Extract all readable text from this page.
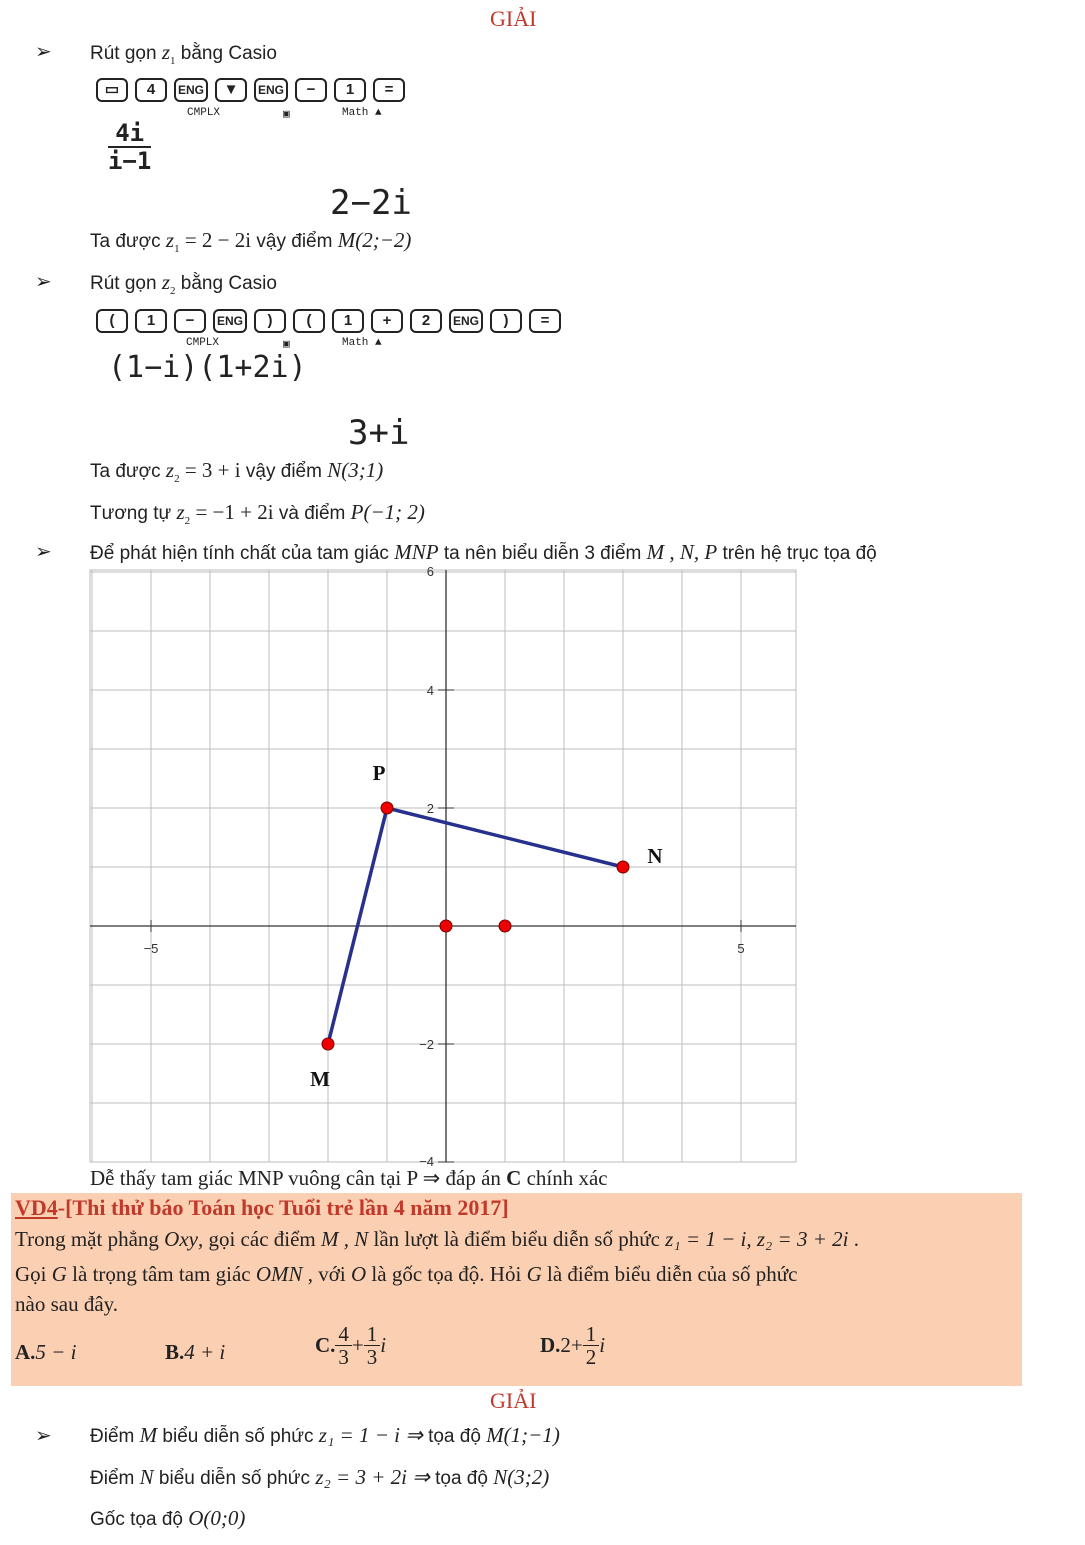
GIẢI
➢ Rút gọn $z_1$ bằng Casio
▭ 4 ENG ▼ ENG − 1 =
CMPLX	▣	Math ▲
4i
i−1
2−2i
Ta được $z_1 = 2 - 2i$ vậy điểm M(2;−2)
➢ Rút gọn $z_2$ bằng Casio
( 1 − ENG ) ( 1 + 2 ENG ) =
CMPLX	▣	Math ▲
(1−i)(1+2i)
3+i
Ta được $z_2 = 3 + i$ vậy điểm N(3;1)
Tương tự $z_2 = -1 + 2i$ và điểm P(−1; 2)
➢ Để phát hiện tính chất của tam giác MNP ta nên biểu diễn 3 điểm M , N, P trên hệ trục tọa độ
−5	5
4
2
−2
−4
6
M
N
P
Dễ thấy tam giác MNP vuông cân tại P ⇒ đáp án C chính xác
VD4-[Thi thử báo Toán học Tuổi trẻ lần 4 năm 2017]
Trong mặt phẳng Oxy, gọi các điểm M , N lần lượt là điểm biểu diễn số phức z₁ = 1 − i, z₂ = 3 + 2i .
Gọi G là trọng tâm tam giác OMN , với O là gốc tọa độ. Hỏi G là điểm biểu diễn của số phức
nào sau đây.
A.5 − i	B.4 + i	C. $\frac{4}{3} + \frac{1}{3}$ i	$D.2+ \frac{1}{2}$ i
GIẢI
➢ Điểm M biểu diễn số phức z₁ = 1 − i ⇒ tọa độ M(1;−1)
Điểm N biểu diễn số phức z₂ = 3 + 2i ⇒ tọa độ N(3;2)
Gốc tọa độ O(0;0)
